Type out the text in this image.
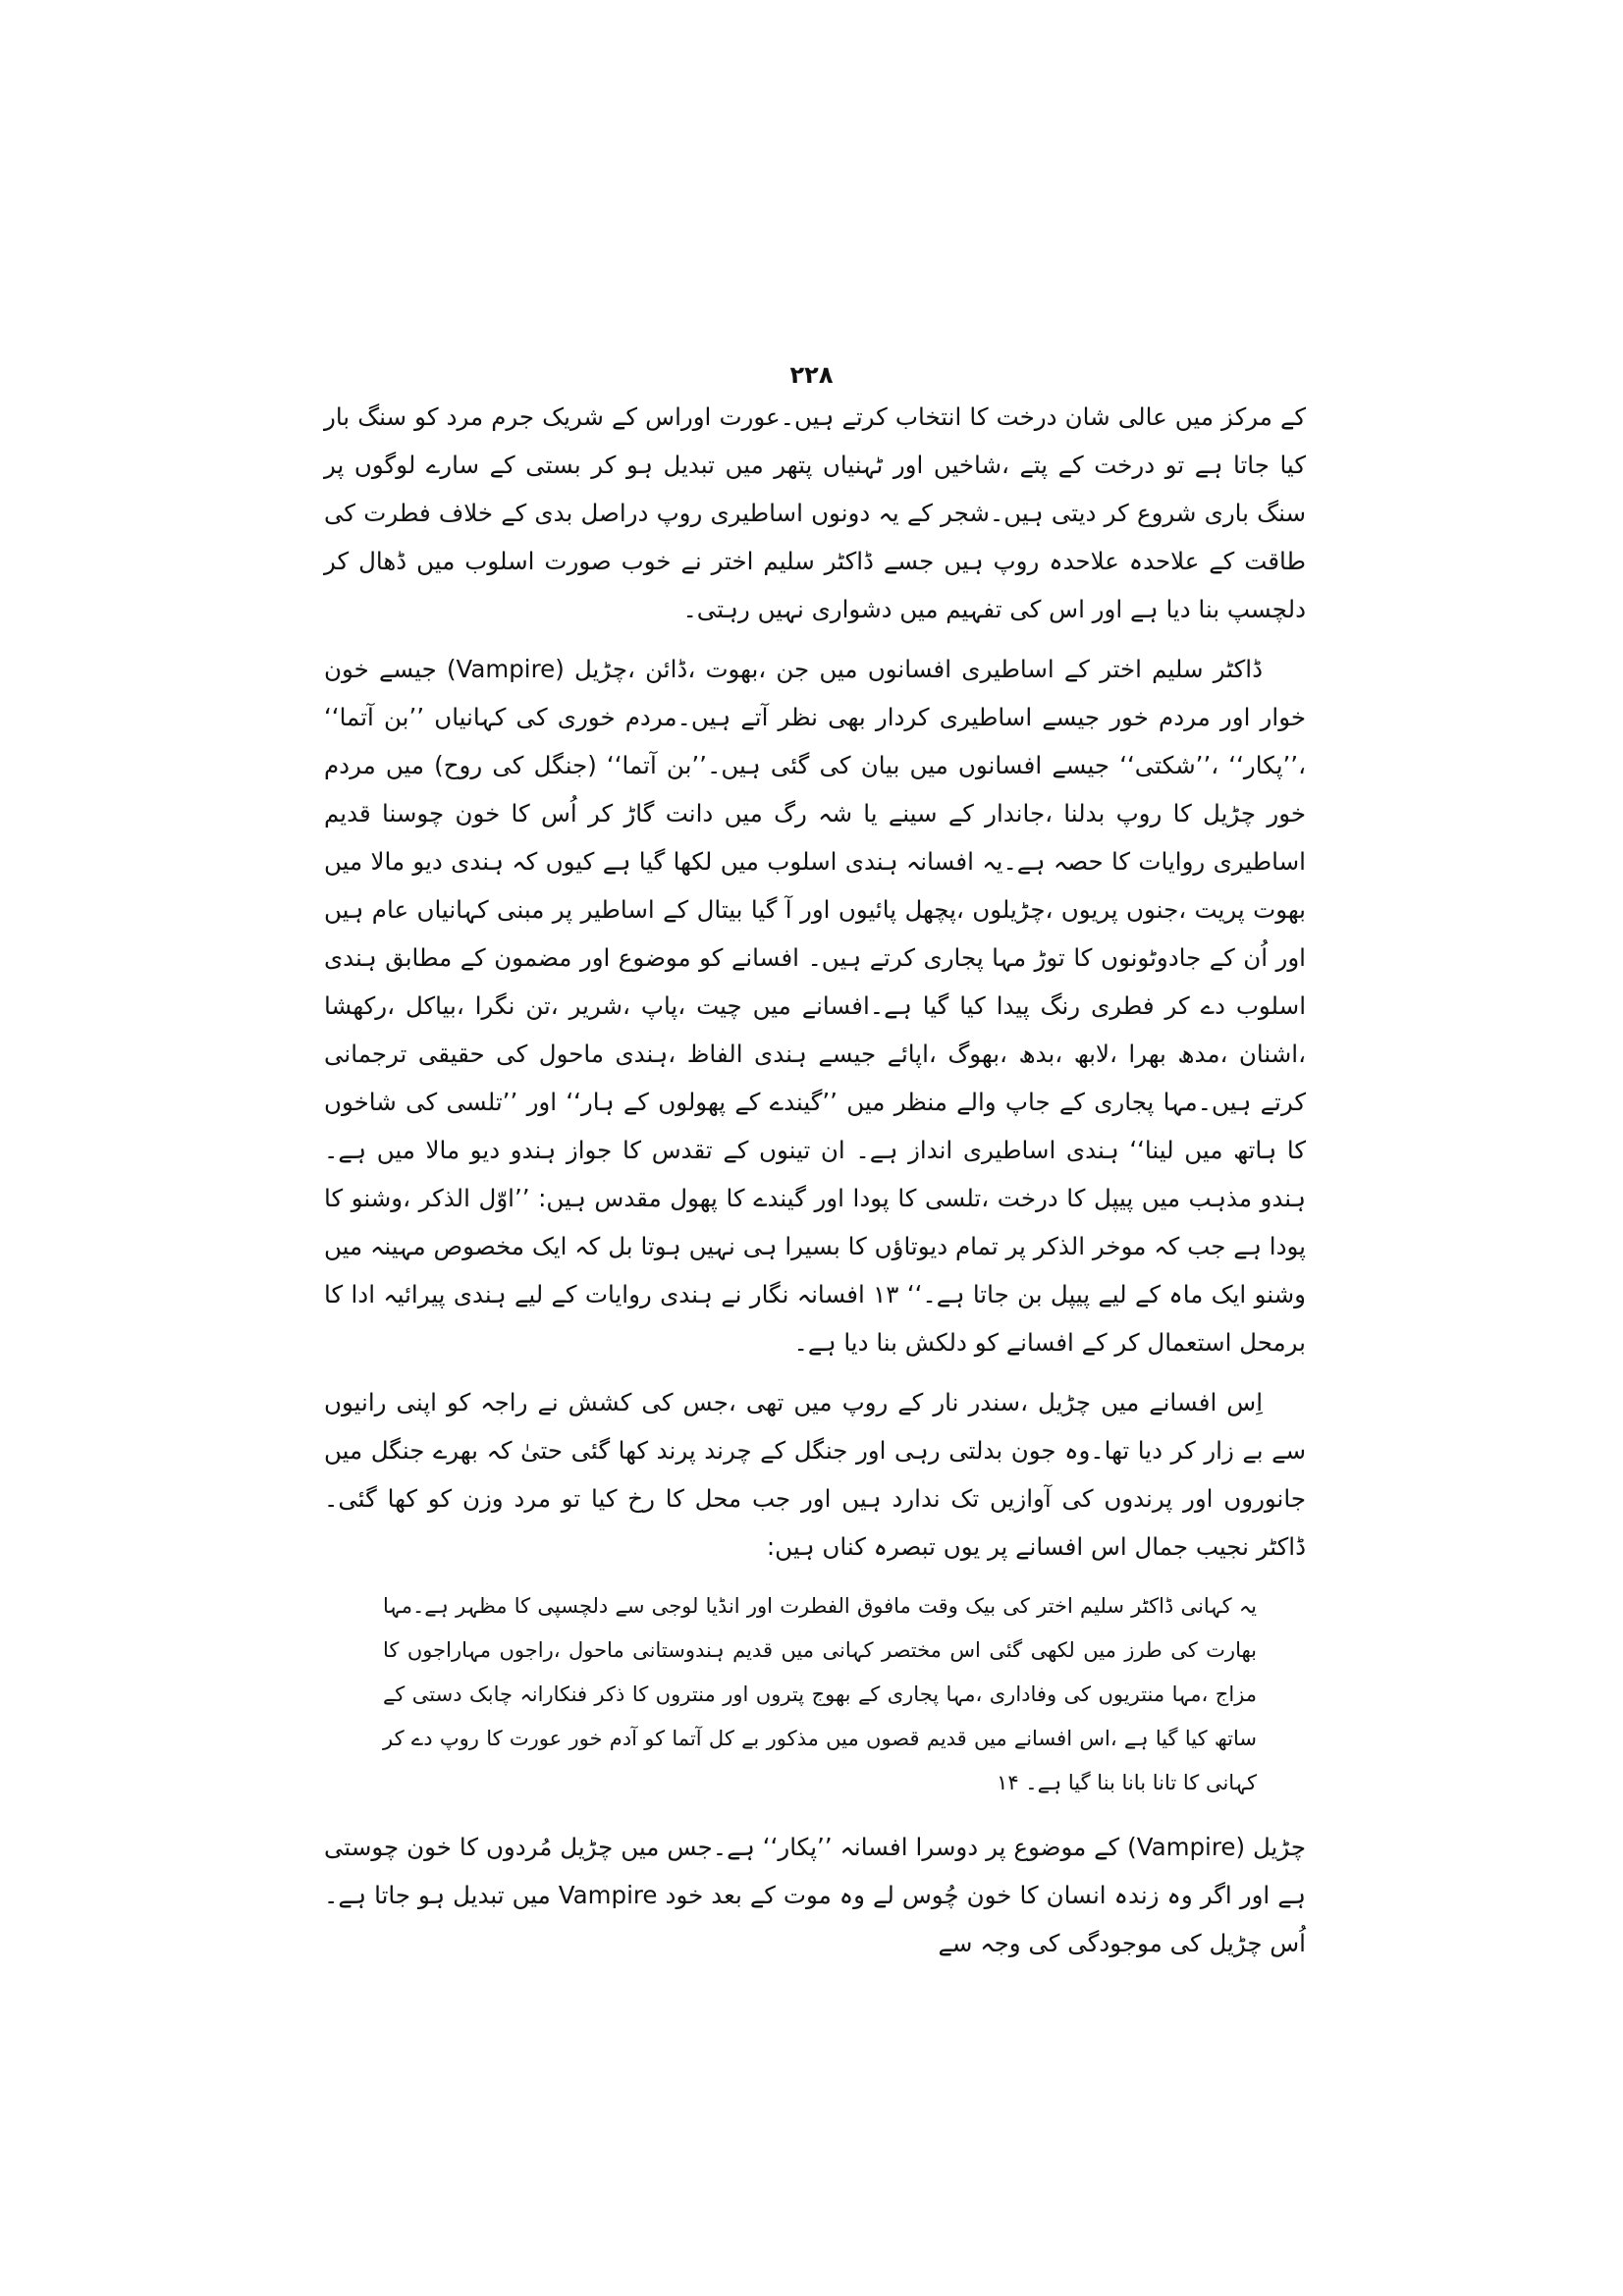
۲۲۸

کے مرکز میں عالی شان درخت کا انتخاب کرتے ہیں۔عورت اوراس کے شریک جرم مرد کو سنگ بار کیا جاتا ہے تو درخت کے پتے ،شاخیں اور ٹہنیاں پتھر میں تبدیل ہو کر بستی کے سارے لوگوں پر سنگ باری شروع کر دیتی ہیں۔شجر کے یہ دونوں اساطیری روپ دراصل بدی کے خلاف فطرت کی طاقت کے علاحدہ علاحدہ روپ ہیں جسے ڈاکٹر سلیم اختر نے خوب صورت اسلوب میں ڈھال کر دلچسپ بنا دیا ہے اور اس کی تفہیم میں دشواری نہیں رہتی۔

ڈاکٹر سلیم اختر کے اساطیری افسانوں میں جن ،بھوت ،ڈائن ،چڑیل (Vampire) جیسے خون خوار اور مردم خور جیسے اساطیری کردار بھی نظر آتے ہیں۔مردم خوری کی کہانیاں ’’بن آتما‘‘ ،’’پکار‘‘ ،’’شکتی‘‘ جیسے افسانوں میں بیان کی گئی ہیں۔’’بن آتما‘‘ (جنگل کی روح) میں مردم خور چڑیل کا روپ بدلنا ،جاندار کے سینے یا شہ رگ میں دانت گاڑ کر اُس کا خون چوسنا قدیم اساطیری روایات کا حصہ ہے۔یہ افسانہ ہندی اسلوب میں لکھا گیا ہے کیوں کہ ہندی دیو مالا میں بھوت پریت ،جنوں پریوں ،چڑیلوں ،پچھل پائیوں اور آ گیا بیتال کے اساطیر پر مبنی کہانیاں عام ہیں اور اُن کے جادوٹونوں کا توڑ مہا پجاری کرتے ہیں۔ افسانے کو موضوع اور مضمون کے مطابق ہندی اسلوب دے کر فطری رنگ پیدا کیا گیا ہے۔افسانے میں چیت ،پاپ ،شریر ،تن نگرا ،بیاکل ،رکھشا ،اشنان ،مدھ بھرا ،لابھ ،بدھ ،بھوگ ،اپائے جیسے ہندی الفاظ ،ہندی ماحول کی حقیقی ترجمانی کرتے ہیں۔مہا پجاری کے جاپ والے منظر میں ’’گیندے کے پھولوں کے ہار‘‘ اور ’’تلسی کی شاخوں کا ہاتھ میں لینا‘‘ ہندی اساطیری انداز ہے۔ ان تینوں کے تقدس کا جواز ہندو دیو مالا میں ہے۔ ہندو مذہب میں پیپل کا درخت ،تلسی کا پودا اور گیندے کا پھول مقدس ہیں: ’’اوّل الذکر ،وشنو کا پودا ہے جب کہ موخر الذکر پر تمام دیوتاؤں کا بسیرا ہی نہیں ہوتا بل کہ ایک مخصوص مہینہ میں وشنو ایک ماہ کے لیے پیپل بن جاتا ہے۔‘‘ ۱۳ افسانہ نگار نے ہندی روایات کے لیے ہندی پیرائیہ ادا کا برمحل استعمال کر کے افسانے کو دلکش بنا دیا ہے۔

اِس افسانے میں چڑیل ،سندر نار کے روپ میں تھی ،جس کی کشش نے راجہ کو اپنی رانیوں سے بے زار کر دیا تھا۔وہ جون بدلتی رہی اور جنگل کے چرند پرند کھا گئی حتیٰ کہ بھرے جنگل میں جانوروں اور پرندوں کی آوازیں تک ندارد ہیں اور جب محل کا رخ کیا تو مرد وزن کو کھا گئی۔ ڈاکٹر نجیب جمال اس افسانے پر یوں تبصرہ کناں ہیں:

یہ کہانی ڈاکٹر سلیم اختر کی بیک وقت مافوق الفطرت اور انڈیا لوجی سے دلچسپی کا مظہر ہے۔مہا بھارت کی طرز میں لکھی گئی اس مختصر کہانی میں قدیم ہندوستانی ماحول ،راجوں مہاراجوں کا مزاج ،مہا منتریوں کی وفاداری ،مہا پجاری کے بھوج پتروں اور منتروں کا ذکر فنکارانہ چابک دستی کے ساتھ کیا گیا ہے ،اس افسانے میں قدیم قصوں میں مذکور بے کل آتما کو آدم خور عورت کا روپ دے کر کہانی کا تانا بانا بنا گیا ہے۔ ۱۴

چڑیل (Vampire) کے موضوع پر دوسرا افسانہ ’’پکار‘‘ ہے۔جس میں چڑیل مُردوں کا خون چوستی ہے اور اگر وہ زندہ انسان کا خون چُوس لے وہ موت کے بعد خود Vampire میں تبدیل ہو جاتا ہے۔اُس چڑیل کی موجودگی کی وجہ سے
